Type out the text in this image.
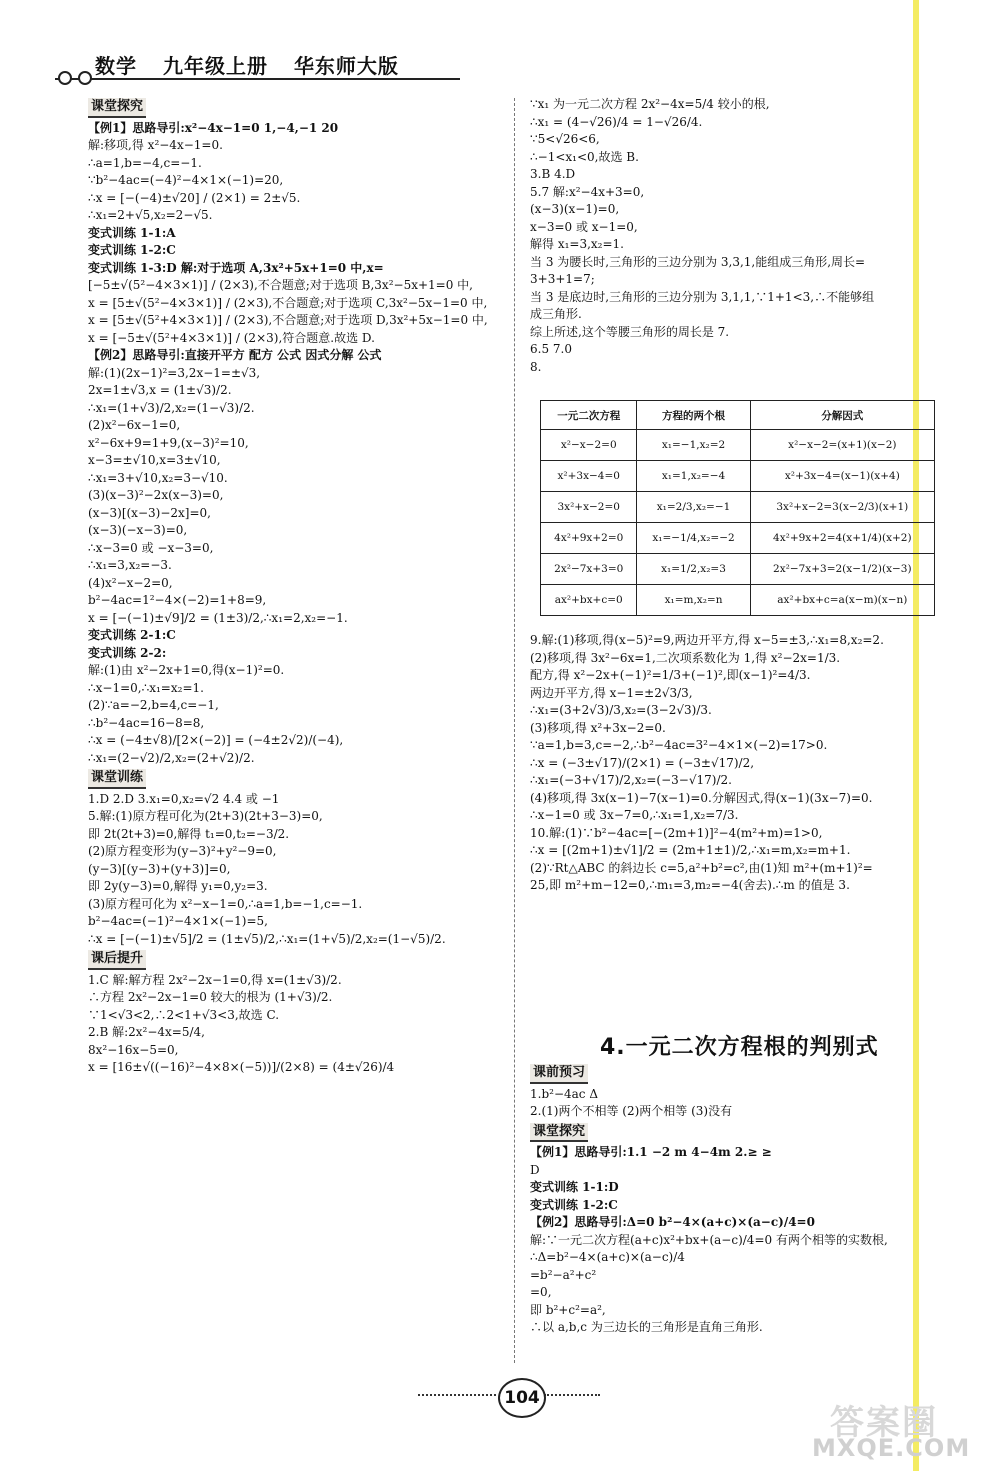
数学 九年级上册 华东师大版
课堂探究
【例1】思路导引:x²−4x−1=0 1,−4,−1 20
解:移项,得 x²−4x−1=0.
∴a=1,b=−4,c=−1.
∵b²−4ac=(−4)²−4×1×(−1)=20,
∴x = [−(−4)±√20] / (2×1) = 2±√5.
∴x₁=2+√5,x₂=2−√5.
变式训练 1-1:A
变式训练 1-2:C
变式训练 1-3:D 解:对于选项 A,3x²+5x+1=0 中,x=
[−5±√(5²−4×3×1)] / (2×3),不合题意;对于选项 B,3x²−5x+1=0 中,
x = [5±√(5²−4×3×1)] / (2×3),不合题意;对于选项 C,3x²−5x−1=0 中,
x = [5±√(5²+4×3×1)] / (2×3),不合题意;对于选项 D,3x²+5x−1=0 中,
x = [−5±√(5²+4×3×1)] / (2×3),符合题意.故选 D.
【例2】思路导引:直接开平方 配方 公式 因式分解 公式
解:(1)(2x−1)²=3,2x−1=±√3,
2x=1±√3,x = (1±√3)/2.
∴x₁=(1+√3)/2,x₂=(1−√3)/2.
(2)x²−6x−1=0,
x²−6x+9=1+9,(x−3)²=10,
x−3=±√10,x=3±√10,
∴x₁=3+√10,x₂=3−√10.
(3)(x−3)²−2x(x−3)=0,
(x−3)[(x−3)−2x]=0,
(x−3)(−x−3)=0,
∴x−3=0 或 −x−3=0,
∴x₁=3,x₂=−3.
(4)x²−x−2=0,
b²−4ac=1²−4×(−2)=1+8=9,
x = [−(−1)±√9]/2 = (1±3)/2,∴x₁=2,x₂=−1.
变式训练 2-1:C
变式训练 2-2:
解:(1)由 x²−2x+1=0,得(x−1)²=0.
∴x−1=0,∴x₁=x₂=1.
(2)∵a=−2,b=4,c=−1,
∴b²−4ac=16−8=8,
∴x = (−4±√8)/[2×(−2)] = (−4±2√2)/(−4),
∴x₁=(2−√2)/2,x₂=(2+√2)/2.
课堂训练
1.D 2.D 3.x₁=0,x₂=√2 4.4 或 −1
5.解:(1)原方程可化为(2t+3)(2t+3−3)=0,
即 2t(2t+3)=0,解得 t₁=0,t₂=−3/2.
(2)原方程变形为(y−3)²+y²−9=0,
(y−3)[(y−3)+(y+3)]=0,
即 2y(y−3)=0,解得 y₁=0,y₂=3.
(3)原方程可化为 x²−x−1=0,∴a=1,b=−1,c=−1.
b²−4ac=(−1)²−4×1×(−1)=5,
∴x = [−(−1)±√5]/2 = (1±√5)/2,∴x₁=(1+√5)/2,x₂=(1−√5)/2.
课后提升
1.C 解:解方程 2x²−2x−1=0,得 x=(1±√3)/2.
∴方程 2x²−2x−1=0 较大的根为 (1+√3)/2.
∵1<√3<2,∴2<1+√3<3,故选 C.
2.B 解:2x²−4x=5/4,
8x²−16x−5=0,
x = [16±√((−16)²−4×8×(−5))]/(2×8) = (4±√26)/4
∵x₁ 为一元二次方程 2x²−4x=5/4 较小的根,
∴x₁ = (4−√26)/4 = 1−√26/4.
∵5<√26<6,
∴−1<x₁<0,故选 B.
3.B 4.D
5.7 解:x²−4x+3=0,
(x−3)(x−1)=0,
x−3=0 或 x−1=0,
解得 x₁=3,x₂=1.
当 3 为腰长时,三角形的三边分别为 3,3,1,能组成三角形,周长=
3+3+1=7;
当 3 是底边时,三角形的三边分别为 3,1,1,∵1+1<3,∴不能够组
成三角形.
综上所述,这个等腰三角形的周长是 7.
6.5 7.0
8.
一元二次方程	方程的两个根	分解因式
x²−x−2=0	x₁=−1,x₂=2	x²−x−2=(x+1)(x−2)
x²+3x−4=0	x₁=1,x₂=−4	x²+3x−4=(x−1)(x+4)
3x²+x−2=0	x₁=2/3,x₂=−1	3x²+x−2=3(x−2/3)(x+1)
4x²+9x+2=0	x₁=−1/4,x₂=−2	4x²+9x+2=4(x+1/4)(x+2)
2x²−7x+3=0	x₁=1/2,x₂=3	2x²−7x+3=2(x−1/2)(x−3)
ax²+bx+c=0	x₁=m,x₂=n	ax²+bx+c=a(x−m)(x−n)
9.解:(1)移项,得(x−5)²=9,两边开平方,得 x−5=±3,∴x₁=8,x₂=2.
(2)移项,得 3x²−6x=1,二次项系数化为 1,得 x²−2x=1/3.
配方,得 x²−2x+(−1)²=1/3+(−1)²,即(x−1)²=4/3.
两边开平方,得 x−1=±2√3/3,
∴x₁=(3+2√3)/3,x₂=(3−2√3)/3.
(3)移项,得 x²+3x−2=0.
∵a=1,b=3,c=−2,∴b²−4ac=3²−4×1×(−2)=17>0.
∴x = (−3±√17)/(2×1) = (−3±√17)/2,
∴x₁=(−3+√17)/2,x₂=(−3−√17)/2.
(4)移项,得 3x(x−1)−7(x−1)=0.分解因式,得(x−1)(3x−7)=0.
∴x−1=0 或 3x−7=0,∴x₁=1,x₂=7/3.
10.解:(1)∵b²−4ac=[−(2m+1)]²−4(m²+m)=1>0,
∴x = [(2m+1)±√1]/2 = (2m+1±1)/2,∴x₁=m,x₂=m+1.
(2)∵Rt△ABC 的斜边长 c=5,a²+b²=c²,由(1)知 m²+(m+1)²=
25,即 m²+m−12=0,∴m₁=3,m₂=−4(舍去).∴m 的值是 3.
4.一元二次方程根的判别式
课前预习
1.b²−4ac Δ
2.(1)两个不相等 (2)两个相等 (3)没有
课堂探究
【例1】思路导引:1.1 −2 m 4−4m 2.≥ ≥
D
变式训练 1-1:D
变式训练 1-2:C
【例2】思路导引:Δ=0 b²−4×(a+c)×(a−c)/4=0
解:∵一元二次方程(a+c)x²+bx+(a−c)/4=0 有两个相等的实数根,
∴Δ=b²−4×(a+c)×(a−c)/4
=b²−a²+c²
=0,
即 b²+c²=a²,
∴以 a,b,c 为三边长的三角形是直角三角形.
104
答案圈
MXQE.COM
